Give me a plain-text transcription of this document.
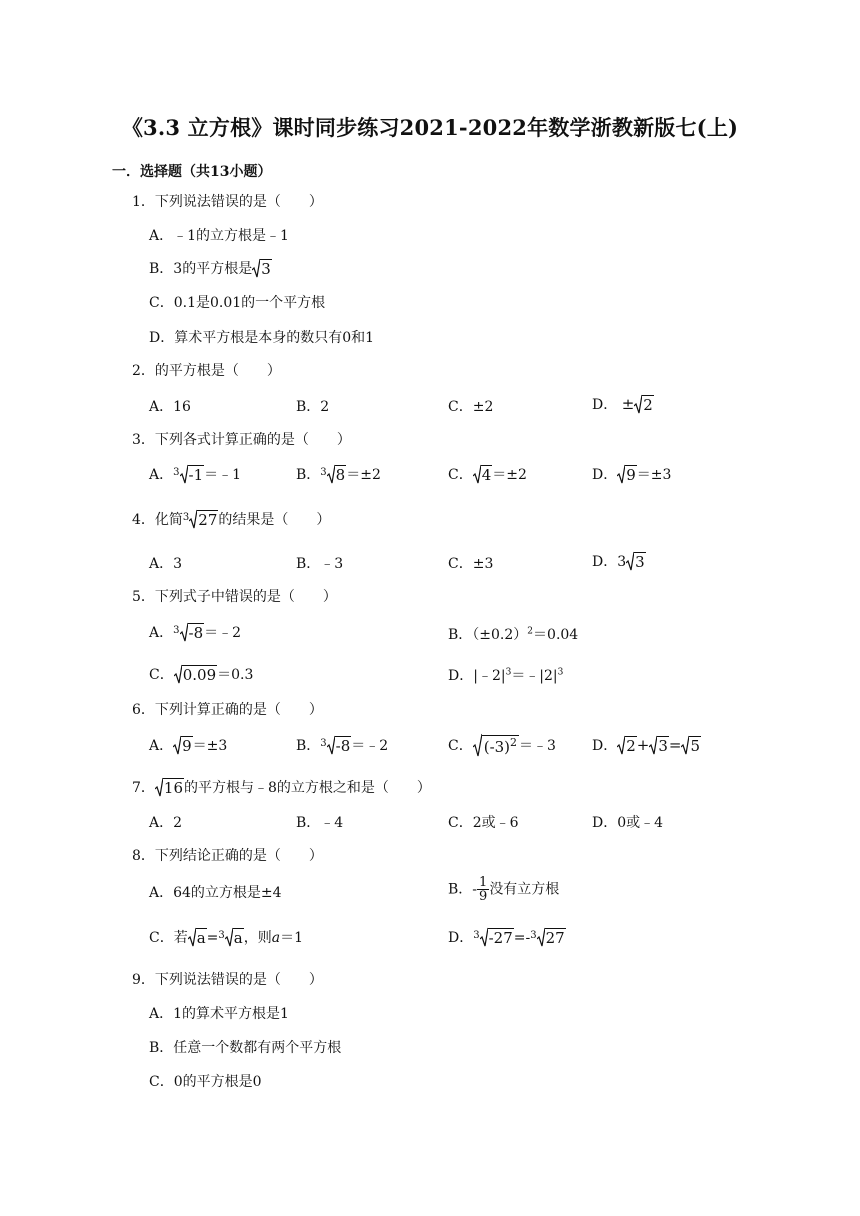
《3.3 立方根》课时同步练习2021-2022年数学浙教新版七(上)
一．选择题（共13小题）
1．下列说法错误的是（　　）
A．﹣1的立方根是﹣1
B．3的平方根是 3
C．0.1是0.01的一个平方根
D．算术平方根是本身的数只有0和1
2．的平方根是（　　）
A．16	B．2	C．±2	D． ± 2
3．下列各式计算正确的是（　　）
A．$^3$ -1＝﹣1	B．$^3$ 8＝±2	C． 4＝±2	D． 9＝±3
4．化简$^3$ 27的结果是（　　）
A．3	B．﹣3	C．±3	D．3 3
5．下列式子中错误的是（　　）
A．$^3$ -8＝﹣2	B．$(\pm 0.2)^2=0.04$
C． 0.09＝0.3	D．$|﹣2|^3=﹣|2|^3$
6．下列计算正确的是（　　）
A． 9＝±3	B．$^3$ -8＝﹣2	C． $(-3)^2$ ＝﹣3	D． 2+ 3= 5
7． 16的平方根与﹣8的立方根之和是（　　）
A．2	B．﹣4	C．2或﹣6	D．0或﹣4
8．下列结论正确的是（　　）
A．64的立方根是±4	B．- $\frac{1}{9}$ 没有立方根
C．若 a=$^3$ a，则a＝1	D．$^3$ -27=-$^3$ 27
9．下列说法错误的是（　　）
A．1的算术平方根是1
B．任意一个数都有两个平方根
C．0的平方根是0
